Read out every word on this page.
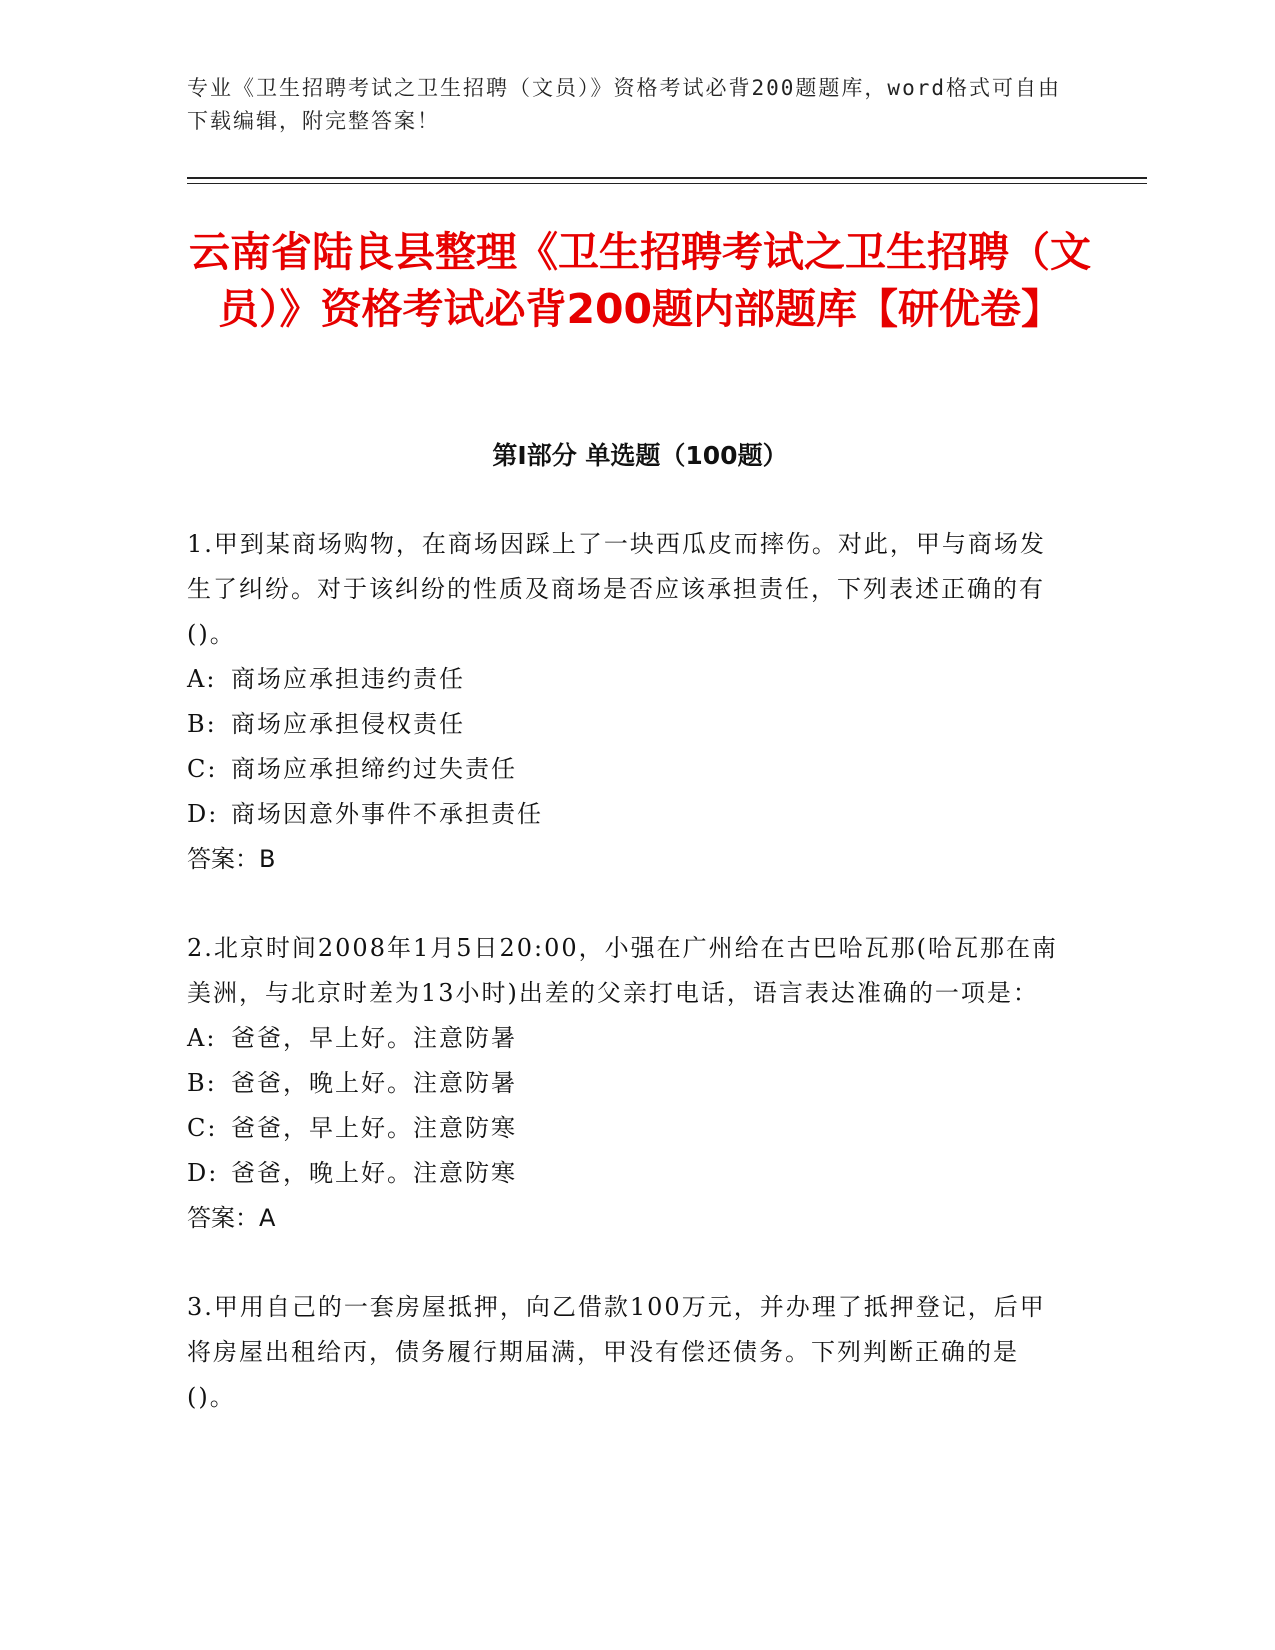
专业《卫生招聘考试之卫生招聘（文员）》资格考试必背200题题库，word格式可自由下载编辑，附完整答案！
云南省陆良县整理《卫生招聘考试之卫生招聘（文员）》资格考试必背200题内部题库【研优卷】
第I部分 单选题（100题）
1.甲到某商场购物，在商场因踩上了一块西瓜皮而摔伤。对此，甲与商场发生了纠纷。对于该纠纷的性质及商场是否应该承担责任，下列表述正确的有()。
A: 商场应承担违约责任
B: 商场应承担侵权责任
C: 商场应承担缔约过失责任
D: 商场因意外事件不承担责任
答案：B
2.北京时间2008年1月5日20:00，小强在广州给在古巴哈瓦那(哈瓦那在南美洲，与北京时差为13小时)出差的父亲打电话，语言表达准确的一项是：
A: 爸爸，早上好。注意防暑
B: 爸爸，晚上好。注意防暑
C: 爸爸，早上好。注意防寒
D: 爸爸，晚上好。注意防寒
答案：A
3.甲用自己的一套房屋抵押，向乙借款100万元，并办理了抵押登记，后甲将房屋出租给丙，债务履行期届满，甲没有偿还债务。下列判断正确的是()。
